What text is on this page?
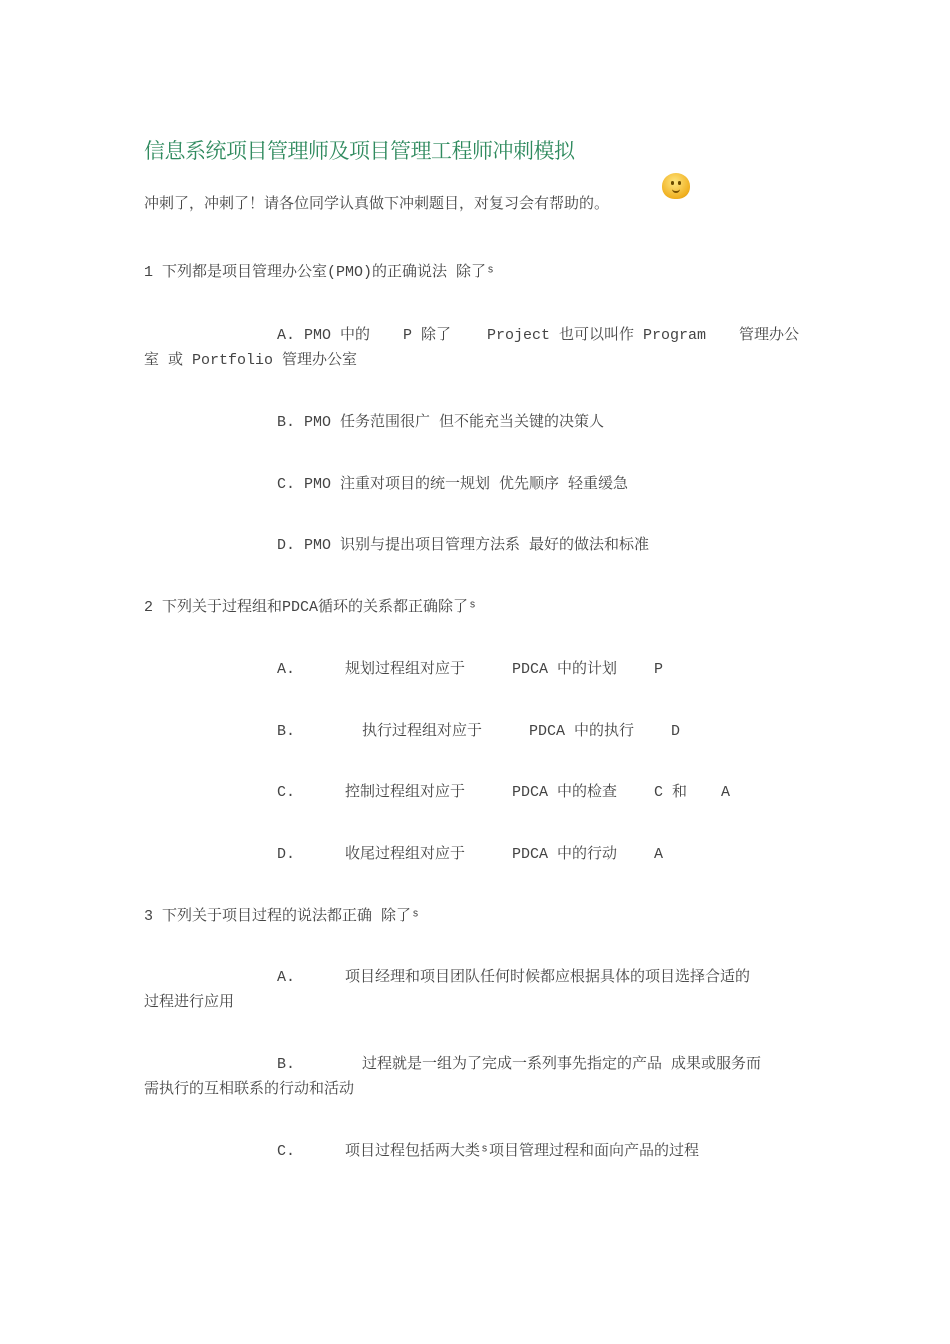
信息系统项目管理师及项目管理工程师冲刺模拟
冲刺了，冲刺了！请各位同学认真做下冲刺题目，对复习会有帮助的。
1 下列都是项目管理办公室(PMO)的正确说法 除了ˢ
A. PMO 中的 P 除了 Project 也可以叫作 Program 管理办公
室 或 Portfolio 管理办公室
B. PMO 任务范围很广 但不能充当关键的决策人
C. PMO 注重对项目的统一规划 优先顺序 轻重缓急
D. PMO 识别与提出项目管理方法系 最好的做法和标准
2 下列关于过程组和PDCA循环的关系都正确除了ˢ
A.	规划过程组对应于	PDCA 中的计划 P
B.	执行过程组对应于	PDCA 中的执行 D
C.	控制过程组对应于	PDCA 中的检查 C 和 A
D.	收尾过程组对应于	PDCA 中的行动 A
3 下列关于项目过程的说法都正确 除了ˢ
A.	项目经理和项目团队任何时候都应根据具体的项目选择合适的
过程进行应用
B.	过程就是一组为了完成一系列事先指定的产品 成果或服务而
需执行的互相联系的行动和活动
C.	项目过程包括两大类ˢ项目管理过程和面向产品的过程
